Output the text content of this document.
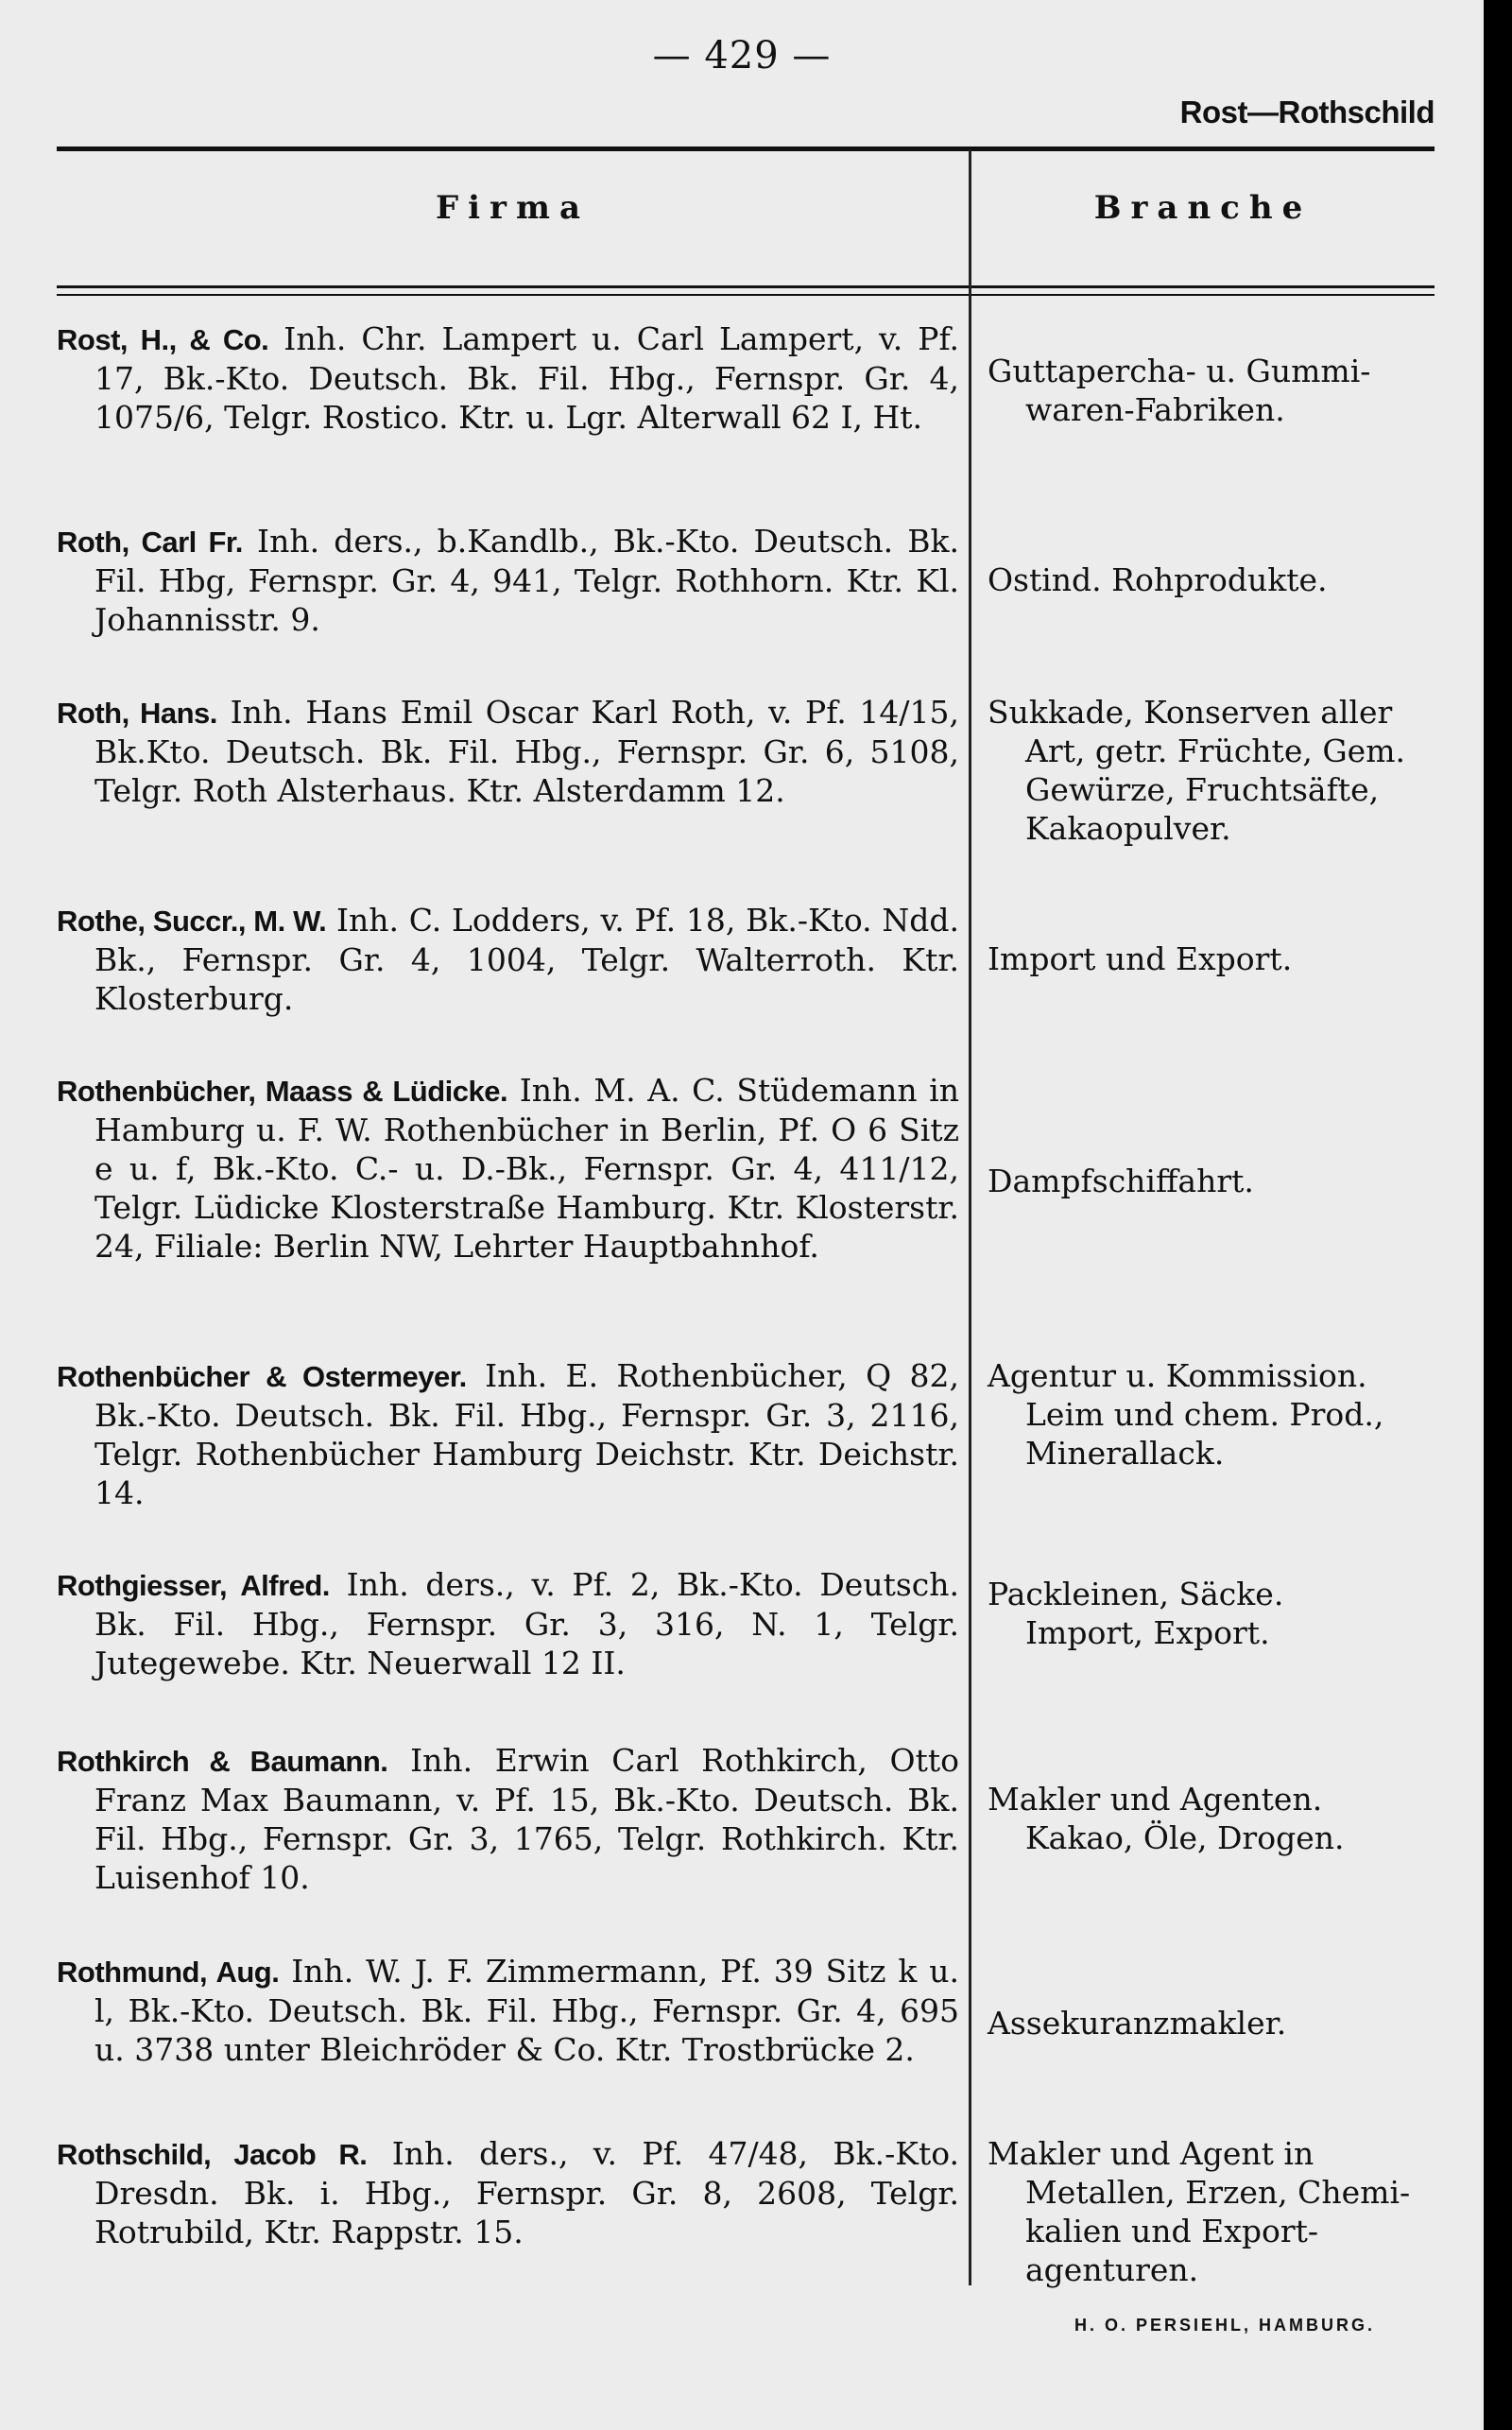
— 429 —
Rost—Rothschild
Firma	Branche
Rost, H., & Co. Inh. Chr. Lampert u. Carl Lampert, v. Pf. 17, Bk.-Kto. Deutsch. Bk. Fil. Hbg., Fernspr. Gr. 4, 1075/6, Telgr. Rostico. Ktr. u. Lgr. Alterwall 62 I, Ht.
Guttapercha- u. Gummi-
waren-Fabriken.
Roth, Carl Fr. Inh. ders., b.Kandlb., Bk.-Kto. Deutsch. Bk. Fil. Hbg, Fernspr. Gr. 4, 941, Telgr. Rothhorn. Ktr. Kl. Johannisstr. 9.
Ostind. Rohprodukte.
Roth, Hans. Inh. Hans Emil Oscar Karl Roth, v. Pf. 14/15, Bk.Kto. Deutsch. Bk. Fil. Hbg., Fernspr. Gr. 6, 5108, Telgr. Roth Alsterhaus. Ktr. Alsterdamm 12.
Sukkade, Konserven aller
Art, getr. Früchte, Gem.
Gewürze, Fruchtsäfte,
Kakaopulver.
Rothe, Succr., M. W. Inh. C. Lodders, v. Pf. 18, Bk.-Kto. Ndd. Bk., Fernspr. Gr. 4, 1004, Telgr. Walterroth. Ktr. Klosterburg.
Import und Export.
Rothenbücher, Maass & Lüdicke. Inh. M. A. C. Stüdemann in Hamburg u. F. W. Rothenbücher in Berlin, Pf. O 6 Sitz e u. f, Bk.-Kto. C.- u. D.-Bk., Fernspr. Gr. 4, 411/12, Telgr. Lüdicke Klosterstraße Hamburg. Ktr. Klosterstr. 24, Filiale: Berlin NW, Lehrter Hauptbahnhof.
Dampfschiffahrt.
Rothenbücher & Ostermeyer. Inh. E. Rothenbücher, Q 82, Bk.-Kto. Deutsch. Bk. Fil. Hbg., Fernspr. Gr. 3, 2116, Telgr. Rothenbücher Hamburg Deichstr. Ktr. Deichstr. 14.
Agentur u. Kommission.
Leim und chem. Prod.,
Minerallack.
Rothgiesser, Alfred. Inh. ders., v. Pf. 2, Bk.-Kto. Deutsch. Bk. Fil. Hbg., Fernspr. Gr. 3, 316, N. 1, Telgr. Jutegewebe. Ktr. Neuerwall 12 II.
Packleinen, Säcke.
Import, Export.
Rothkirch & Baumann. Inh. Erwin Carl Rothkirch, Otto Franz Max Baumann, v. Pf. 15, Bk.-Kto. Deutsch. Bk. Fil. Hbg., Fernspr. Gr. 3, 1765, Telgr. Rothkirch. Ktr. Luisenhof 10.
Makler und Agenten.
Kakao, Öle, Drogen.
Rothmund, Aug. Inh. W. J. F. Zimmermann, Pf. 39 Sitz k u. l, Bk.-Kto. Deutsch. Bk. Fil. Hbg., Fernspr. Gr. 4, 695 u. 3738 unter Bleichröder & Co. Ktr. Trostbrücke 2.
Assekuranzmakler.
Rothschild, Jacob R. Inh. ders., v. Pf. 47/48, Bk.-Kto. Dresdn. Bk. i. Hbg., Fernspr. Gr. 8, 2608, Telgr. Rotrubild, Ktr. Rappstr. 15.
Makler und Agent in
Metallen, Erzen, Chemi-
kalien und Export-
agenturen.
H. O. PERSIEHL, HAMBURG.
